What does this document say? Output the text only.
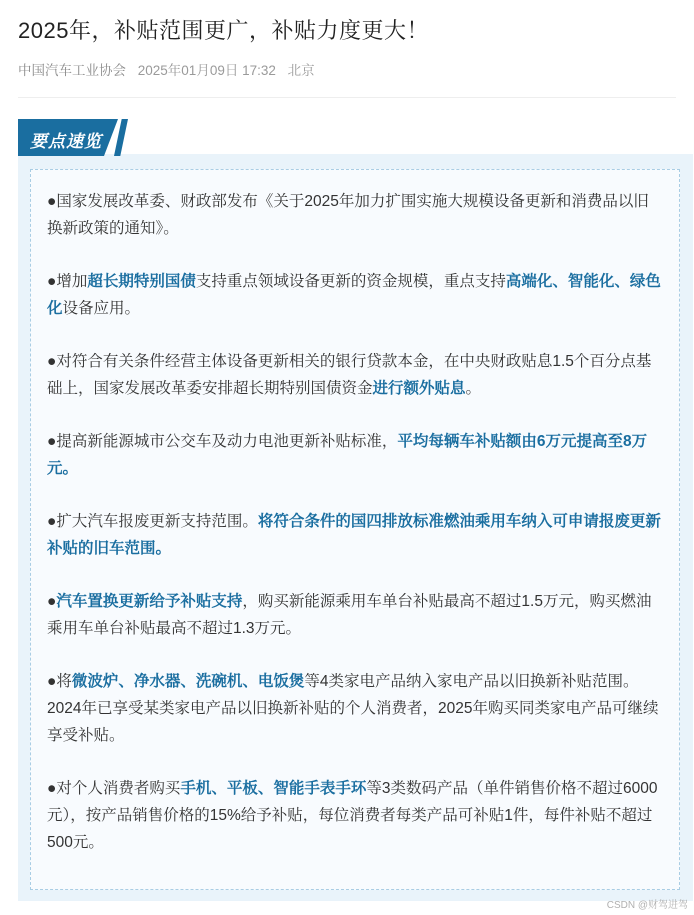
2025年，补贴范围更广，补贴力度更大！
中国汽车工业协会 2025年01月09日 17:32 北京
要点速览
●国家发展改革委、财政部发布《关于2025年加力扩围实施大规模设备更新和消费品以旧换新政策的通知》。
●增加超长期特别国债支持重点领域设备更新的资金规模，重点支持高端化、智能化、绿色化设备应用。
●对符合有关条件经营主体设备更新相关的银行贷款本金，在中央财政贴息1.5个百分点基础上，国家发展改革委安排超长期特别国债资金进行额外贴息。
●提高新能源城市公交车及动力电池更新补贴标准，平均每辆车补贴额由6万元提高至8万元。
●扩大汽车报废更新支持范围。将符合条件的国四排放标准燃油乘用车纳入可申请报废更新补贴的旧车范围。
●汽车置换更新给予补贴支持，购买新能源乘用车单台补贴最高不超过1.5万元，购买燃油乘用车单台补贴最高不超过1.3万元。
●将微波炉、净水器、洗碗机、电饭煲等4类家电产品纳入家电产品以旧换新补贴范围。2024年已享受某类家电产品以旧换新补贴的个人消费者，2025年购买同类家电产品可继续享受补贴。
●对个人消费者购买手机、平板、智能手表手环等3类数码产品（单件销售价格不超过6000元），按产品销售价格的15%给予补贴，每位消费者每类产品可补贴1件，每件补贴不超过500元。
CSDN @财驾进驾
